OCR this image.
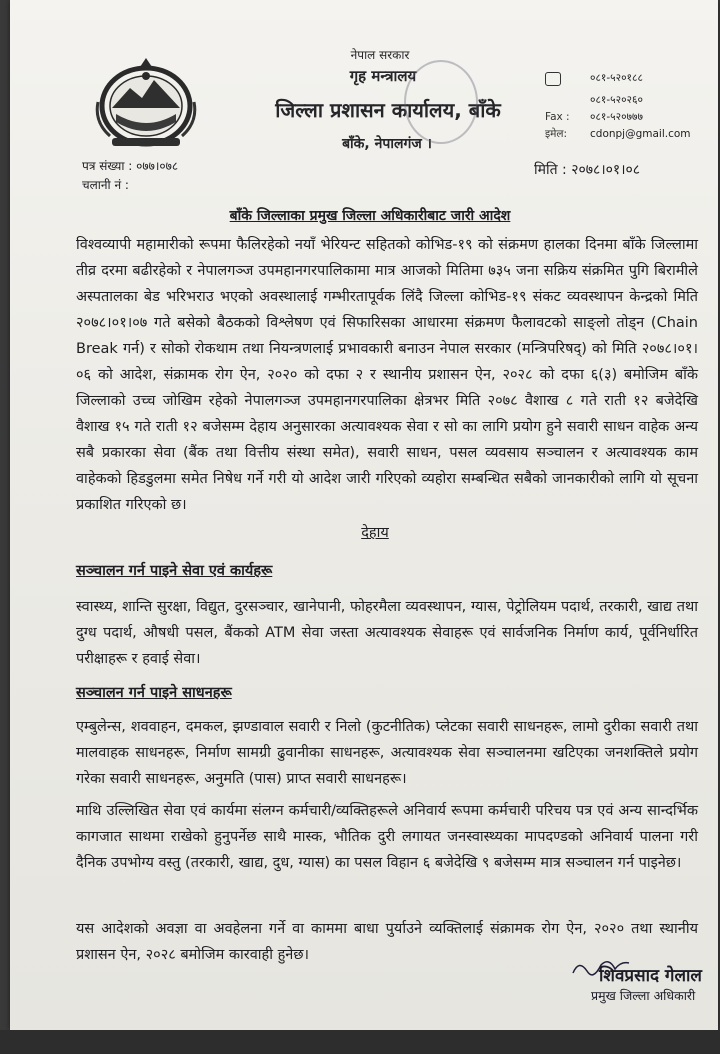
नेपाल सरकार
गृह मन्त्रालय
जिल्ला प्रशासन कार्यालय, बाँके
बाँके, नेपालगंज ।
०८१-५२०१८८
०८१-५२०२६०
Fax :	०८१-५२०७७७
इमेल:	cdonpj@gmail.com
पत्र संख्या : ०७७।०७८
चलानी नं :
मिति : २०७८।०१।०८
बाँके जिल्लाका प्रमुख जिल्ला अधिकारीबाट जारी आदेश

विश्वव्यापी महामारीको रूपमा फैलिरहेको नयाँ भेरियन्ट सहितको कोभिड-१९ को संक्रमण हालका दिनमा बाँके जिल्लामा तीव्र दरमा बढीरहेको र नेपालगञ्ज उपमहानगरपालिकामा मात्र आजको मितिमा ७३५ जना सक्रिय संक्रमित पुगि बिरामीले अस्पतालका बेड भरिभराउ भएको अवस्थालाई गम्भीरतापूर्वक लिंदै जिल्ला कोभिड-१९ संकट व्यवस्थापन केन्द्रको मिति २०७८।०१।०७ गते बसेको बैठकको विश्लेषण एवं सिफारिसका आधारमा संक्रमण फैलावटको साङ्लो तोड्न (Chain Break गर्न) र सोको रोकथाम तथा नियन्त्रणलाई प्रभावकारी बनाउन नेपाल सरकार (मन्त्रिपरिषद्) को मिति २०७८।०१।०६ को आदेश, संक्रामक रोग ऐन, २०२० को दफा २ र स्थानीय प्रशासन ऐन, २०२८ को दफा ६(३) बमोजिम बाँके जिल्लाको उच्च जोखिम रहेको नेपालगञ्ज उपमहानगरपालिका क्षेत्रभर मिति २०७८ वैशाख ८ गते राती १२ बजेदेखि वैशाख १५ गते राती १२ बजेसम्म देहाय अनुसारका अत्यावश्यक सेवा र सो का लागि प्रयोग हुने सवारी साधन वाहेक अन्य सबै प्रकारका सेवा (बैंक तथा वित्तीय संस्था समेत), सवारी साधन, पसल व्यवसाय सञ्चालन र अत्यावश्यक काम वाहेकको हिडडुलमा समेत निषेध गर्ने गरी यो आदेश जारी गरिएको व्यहोरा सम्बन्धित सबैको जानकारीको लागि यो सूचना प्रकाशित गरिएको छ।

देहाय
सञ्चालन गर्न पाइने सेवा एवं कार्यहरू

स्वास्थ्य, शान्ति सुरक्षा, विद्युत, दुरसञ्चार, खानेपानी, फोहरमैला व्यवस्थापन, ग्यास, पेट्रोलियम पदार्थ, तरकारी, खाद्य तथा दुग्ध पदार्थ, औषधी पसल, बैंकको ATM सेवा जस्ता अत्यावश्यक सेवाहरू एवं सार्वजनिक निर्माण कार्य, पूर्वनिर्धारित परीक्षाहरू र हवाई सेवा।

सञ्चालन गर्न पाइने साधनहरू

एम्बुलेन्स, शववाहन, दमकल, झण्डावाल सवारी र निलो (कुटनीतिक) प्लेटका सवारी साधनहरू, लामो दुरीका सवारी तथा मालवाहक साधनहरू, निर्माण सामग्री ढुवानीका साधनहरू, अत्यावश्यक सेवा सञ्चालनमा खटिएका जनशक्तिले प्रयोग गरेका सवारी साधनहरू, अनुमति (पास) प्राप्त सवारी साधनहरू।

माथि उल्लिखित सेवा एवं कार्यमा संलग्न कर्मचारी/व्यक्तिहरूले अनिवार्य रूपमा कर्मचारी परिचय पत्र एवं अन्य सान्दर्भिक कागजात साथमा राखेको हुनुपर्नेछ साथै मास्क, भौतिक दुरी लगायत जनस्वास्थ्यका मापदण्डको अनिवार्य पालना गरी दैनिक उपभोग्य वस्तु (तरकारी, खाद्य, दुध, ग्यास) का पसल विहान ६ बजेदेखि ९ बजेसम्म मात्र सञ्चालन गर्न पाइनेछ।

यस आदेशको अवज्ञा वा अवहेलना गर्ने वा काममा बाधा पुर्याउने व्यक्तिलाई संक्रामक रोग ऐन, २०२० तथा स्थानीय प्रशासन ऐन, २०२८ बमोजिम कारवाही हुनेछ।

शिवप्रसाद गेलाल
प्रमुख जिल्ला अधिकारी
